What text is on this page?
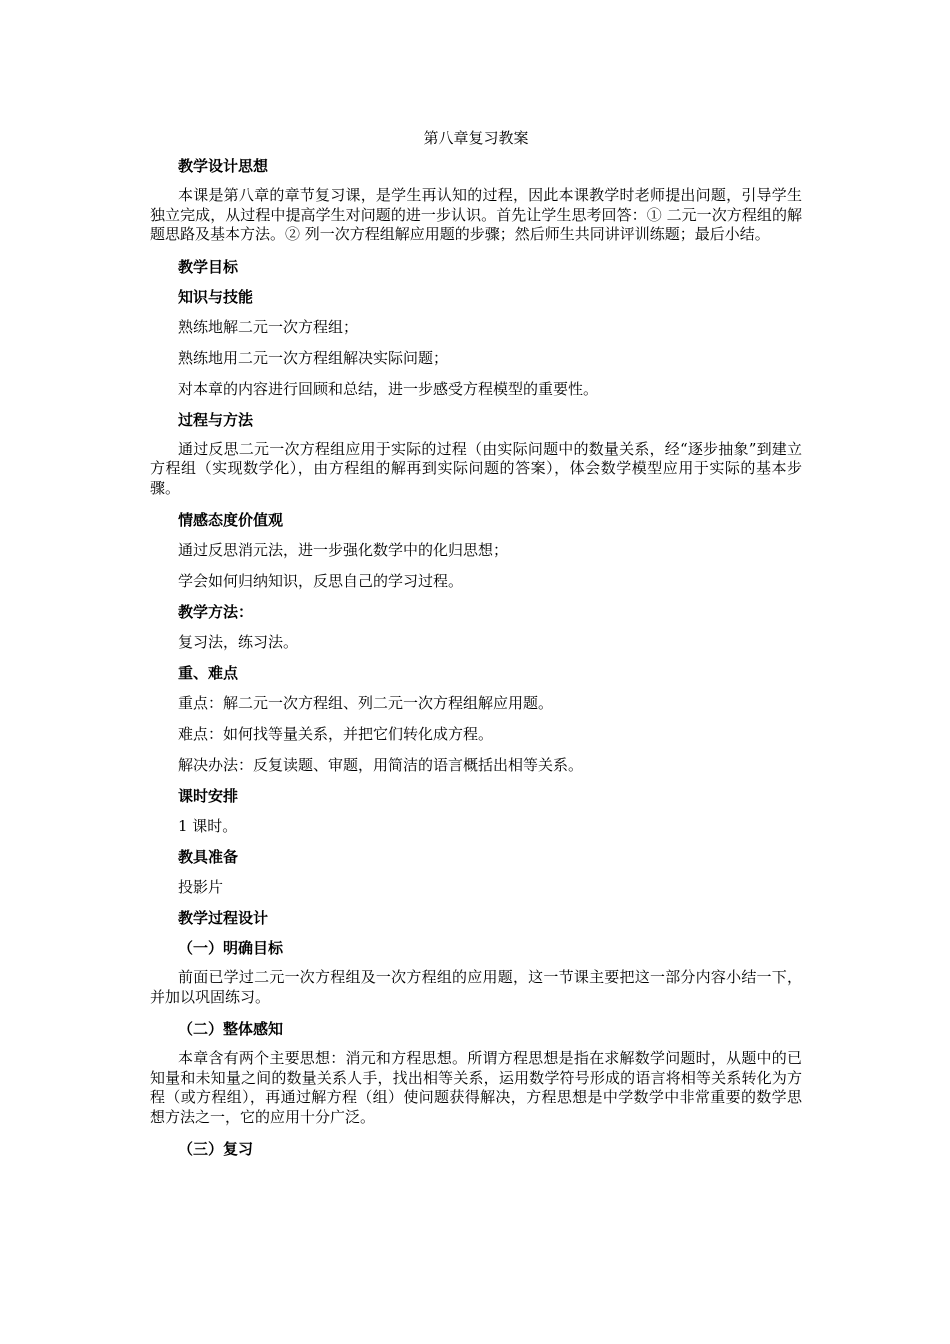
第八章复习教案
教学设计思想
本课是第八章的章节复习课，是学生再认知的过程，因此本课教学时老师提出问题，引导学生独立完成，从过程中提高学生对问题的进一步认识。首先让学生思考回答：① 二元一次方程组的解题思路及基本方法。② 列一次方程组解应用题的步骤；然后师生共同讲评训练题；最后小结。
教学目标
知识与技能
熟练地解二元一次方程组；
熟练地用二元一次方程组解决实际问题；
对本章的内容进行回顾和总结，进一步感受方程模型的重要性。
过程与方法
通过反思二元一次方程组应用于实际的过程（由实际问题中的数量关系，经“逐步抽象”到建立方程组（实现数学化），由方程组的解再到实际问题的答案），体会数学模型应用于实际的基本步骤。
情感态度价值观
通过反思消元法，进一步强化数学中的化归思想；
学会如何归纳知识，反思自己的学习过程。
教学方法：
复习法，练习法。
重、难点
重点：解二元一次方程组、列二元一次方程组解应用题。
难点：如何找等量关系，并把它们转化成方程。
解决办法：反复读题、审题，用简洁的语言概括出相等关系。
课时安排
1 课时。
教具准备
投影片
教学过程设计
（一）明确目标
前面已学过二元一次方程组及一次方程组的应用题，这一节课主要把这一部分内容小结一下，并加以巩固练习。
（二）整体感知
本章含有两个主要思想：消元和方程思想。所谓方程思想是指在求解数学问题时，从题中的已知量和未知量之间的数量关系人手，找出相等关系，运用数学符号形成的语言将相等关系转化为方程（或方程组），再通过解方程（组）使问题获得解决，方程思想是中学数学中非常重要的数学思想方法之一，它的应用十分广泛。
（三）复习
